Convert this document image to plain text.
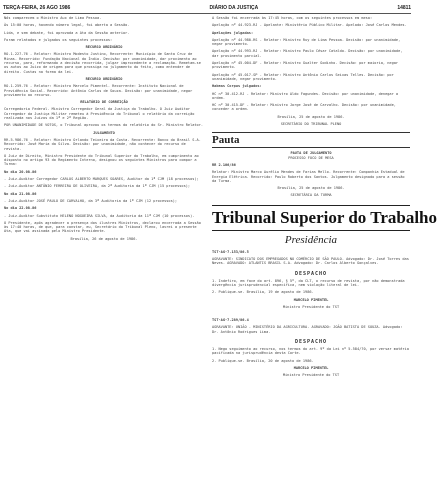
TERÇA-FEIRA, 26 AGO 1986	DIÁRIO DA JUSTIÇA	14811

Nós comparecem o Ministro Aux de Lima Pessoa.

Às 15:00 horas, havendo número legal, foi aberta a Sessão.

Lida, e sem debate, foi aprovada a Ata da Sessão anterior.

Foram relatados e julgados os seguintes processos:

RECURSO ORDINÁRIO

RO-1.227-76 - Relator: Ministro Modesto Justino, Recorrente: Município de Santa Cruz de Minas. Recorrido: Fundação Nacional do Índio. Decisão: por unanimidade, dar provimento ao recurso, para, reformando a decisão recorrida, julgar improcedente a reclamação. Remetam-se os autos ao Juízo de origem para que prossiga no julgamento do feito, como entender de direito. Custas na forma da lei.

RECURSO ORDINÁRIO

RO-1.259-76 - Relator: Ministro Marcelo Pimentel. Recorrente: Instituto Nacional de Previdência Social. Recorrido: Antônio Carlos de Souza. Decisão: por unanimidade, negar provimento ao recurso.

RELATÓRIO DE CORREIÇÃO

Corregedoria Federal. Ministro Corregedor Geral da Justiça do Trabalho. O Juiz Auditor Corregedor da Justiça Militar remeteu à Presidência do Tribunal o relatório da correição realizada nos Juízos da 1ª e 2ª Região.

POR UNANIMIDADE DE VOTOS, o Tribunal aprovou os termos do relatório do Sr. Ministro Relator.

JULGAMENTO

RR-5.986-76 - Relator: Ministro Orlando Teixeira da Costa. Recorrente: Banco do Brasil S.A. Recorrido: José Maria da Silva. Decisão: por unanimidade, não conhecer do recurso de revista.

O Juiz de Direito, Ministro Presidente do Tribunal Superior do Trabalho, em cumprimento ao disposto no artigo 93 do Regimento Interno, designou os seguintes Ministros para compor a Turma:

No dia 20.08.86

- Juiz-Auditor Corregedor CARLOS ALBERTO MARQUES SOARES, Auditor da 1ª CJM (18 processos);

- Juiz-Auditor ANTÔNIO FERREIRA DE OLIVEIRA, da 2ª Auditoria da 1ª CJM (15 processos);

No dia 21.08.86

- Juiz-Auditor JOSÉ PAULO DE CARVALHO, da 3ª Auditoria da 1ª CJM (12 processos);

No dia 22.08.86

- Juiz-Auditor Substituto HELENO NOGUEIRA SILVA, da Auditoria da 11ª CJM (10 processos).

O Presidente, após agradecer a presença dos ilustres Ministros, declarou encerrada a Sessão às 17:40 horas, de que, para constar, eu, Secretário do Tribunal Pleno, lavrei a presente Ata, que vai assinada pelo Ministro Presidente.

Brasília, 26 de agosto de 1986.

A Sessão foi encerrada às 17:45 horas, com os seguintes processos em mesa:

Apelação nº 44.923-RJ - Apelante: Ministério Público Militar. Apelado: José Carlos Mendes.

Apelações julgadas:

Apelação nº 44.980-RS - Relator: Ministro Ruy de Lima Pessoa. Decisão: por unanimidade, negar provimento.

Apelação nº 44.993-RJ - Relator: Ministro Paulo César Cataldo. Decisão: por unanimidade, dar provimento parcial.

Apelação nº 45.004-DF - Relator: Ministro Gualter Godinho. Decisão: por maioria, negar provimento.

Apelação nº 45.017-SP - Relator: Ministro Antônio Carlos Seixas Telles. Decisão: por unanimidade, negar provimento.

Habeas Corpus julgados:

HC nº 30.412-RJ - Relator: Ministro Aldo Fagundes. Decisão: por unanimidade, denegar a ordem.

HC nº 30.415-DF - Relator: Ministro Jorge José de Carvalho. Decisão: por unanimidade, conceder a ordem.

Brasília, 25 de agosto de 1986.

SECRETÁRIO DO TRIBUNAL PLENO

Pauta

PAUTA DE JULGAMENTO

PROCESSO FOCO DE MESA

RR 2.106/86

Relator: Ministro Marco Aurélio Mendes de Farias Mello. Recorrente: Companhia Estadual de Energia Elétrica. Recorrido: Paulo Roberto dos Santos. Julgamento designado para a sessão da Turma.

Brasília, 25 de agosto de 1986.

SECRETÁRIA DA TURMA

Tribunal Superior do Trabalho
Presidência

TST-AG-7.153/86.5

AGRAVANTE: SINDICATO DOS EMPREGADOS NO COMÉRCIO DE SÃO PAULO. Advogado: Dr. José Torres das Neves. AGRAVADO: ATLANTIS BRASIL S.A. Advogado: Dr. Carlos Alberto Gonçalves.

DESPACHO

1. Indefiro, em face do art. 896, § 5º, da CLT, o recurso de revista, por não demonstrada divergência jurisprudencial específica, nem violação literal de lei.

2. Publique-se. Brasília, 19 de agosto de 1986.

MARCELO PIMENTEL

Ministro Presidente do TST

TST-AG-7.289/86.4

AGRAVANTE: UNIÃO - MINISTÉRIO DA AGRICULTURA. AGRAVADO: JOÃO BATISTA DE SOUZA. Advogado: Dr. Antônio Rodrigues Lima.

DESPACHO

1. Nego seguimento ao recurso, nos termos do art. 9º da Lei nº 5.584/70, por versar matéria pacificada na jurisprudência desta Corte.

2. Publique-se. Brasília, 20 de agosto de 1986.

MARCELO PIMENTEL

Ministro Presidente do TST
